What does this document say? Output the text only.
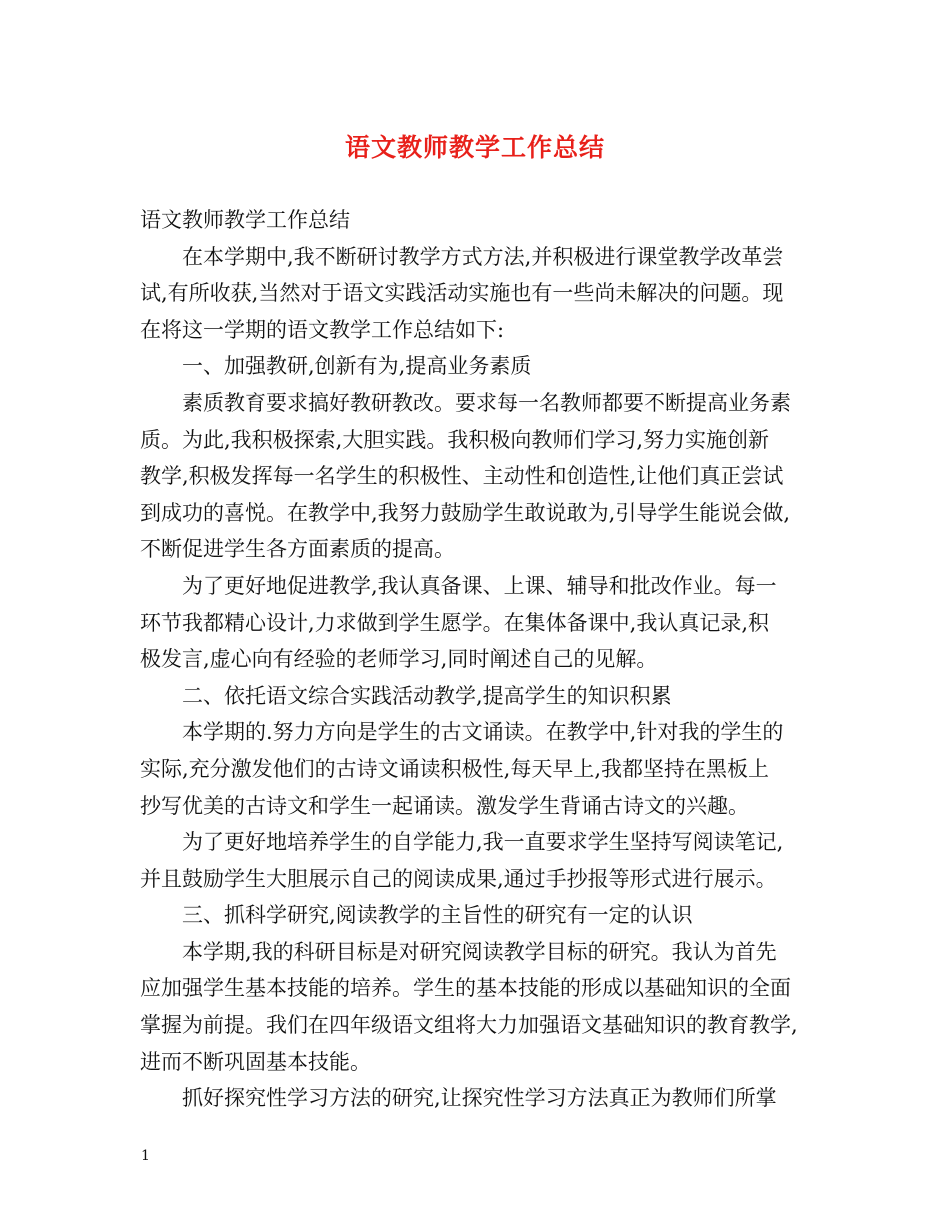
语文教师教学工作总结
语文教师教学工作总结
在本学期中,我不断研讨教学方式方法,并积极进行课堂教学改革尝
试,有所收获,当然对于语文实践活动实施也有一些尚未解决的问题。现
在将这一学期的语文教学工作总结如下:
一、加强教研,创新有为,提高业务素质
素质教育要求搞好教研教改。要求每一名教师都要不断提高业务素
质。为此,我积极探索,大胆实践。我积极向教师们学习,努力实施创新
教学,积极发挥每一名学生的积极性、主动性和创造性,让他们真正尝试
到成功的喜悦。在教学中,我努力鼓励学生敢说敢为,引导学生能说会做,
不断促进学生各方面素质的提高。
为了更好地促进教学,我认真备课、上课、辅导和批改作业。每一
环节我都精心设计,力求做到学生愿学。在集体备课中,我认真记录,积
极发言,虚心向有经验的老师学习,同时阐述自己的见解。
二、依托语文综合实践活动教学,提高学生的知识积累
本学期的.努力方向是学生的古文诵读。在教学中,针对我的学生的
实际,充分激发他们的古诗文诵读积极性,每天早上,我都坚持在黑板上
抄写优美的古诗文和学生一起诵读。激发学生背诵古诗文的兴趣。
为了更好地培养学生的自学能力,我一直要求学生坚持写阅读笔记,
并且鼓励学生大胆展示自己的阅读成果,通过手抄报等形式进行展示。
三、抓科学研究,阅读教学的主旨性的研究有一定的认识
本学期,我的科研目标是对研究阅读教学目标的研究。我认为首先
应加强学生基本技能的培养。学生的基本技能的形成以基础知识的全面
掌握为前提。我们在四年级语文组将大力加强语文基础知识的教育教学,
进而不断巩固基本技能。
抓好探究性学习方法的研究,让探究性学习方法真正为教师们所掌
1
